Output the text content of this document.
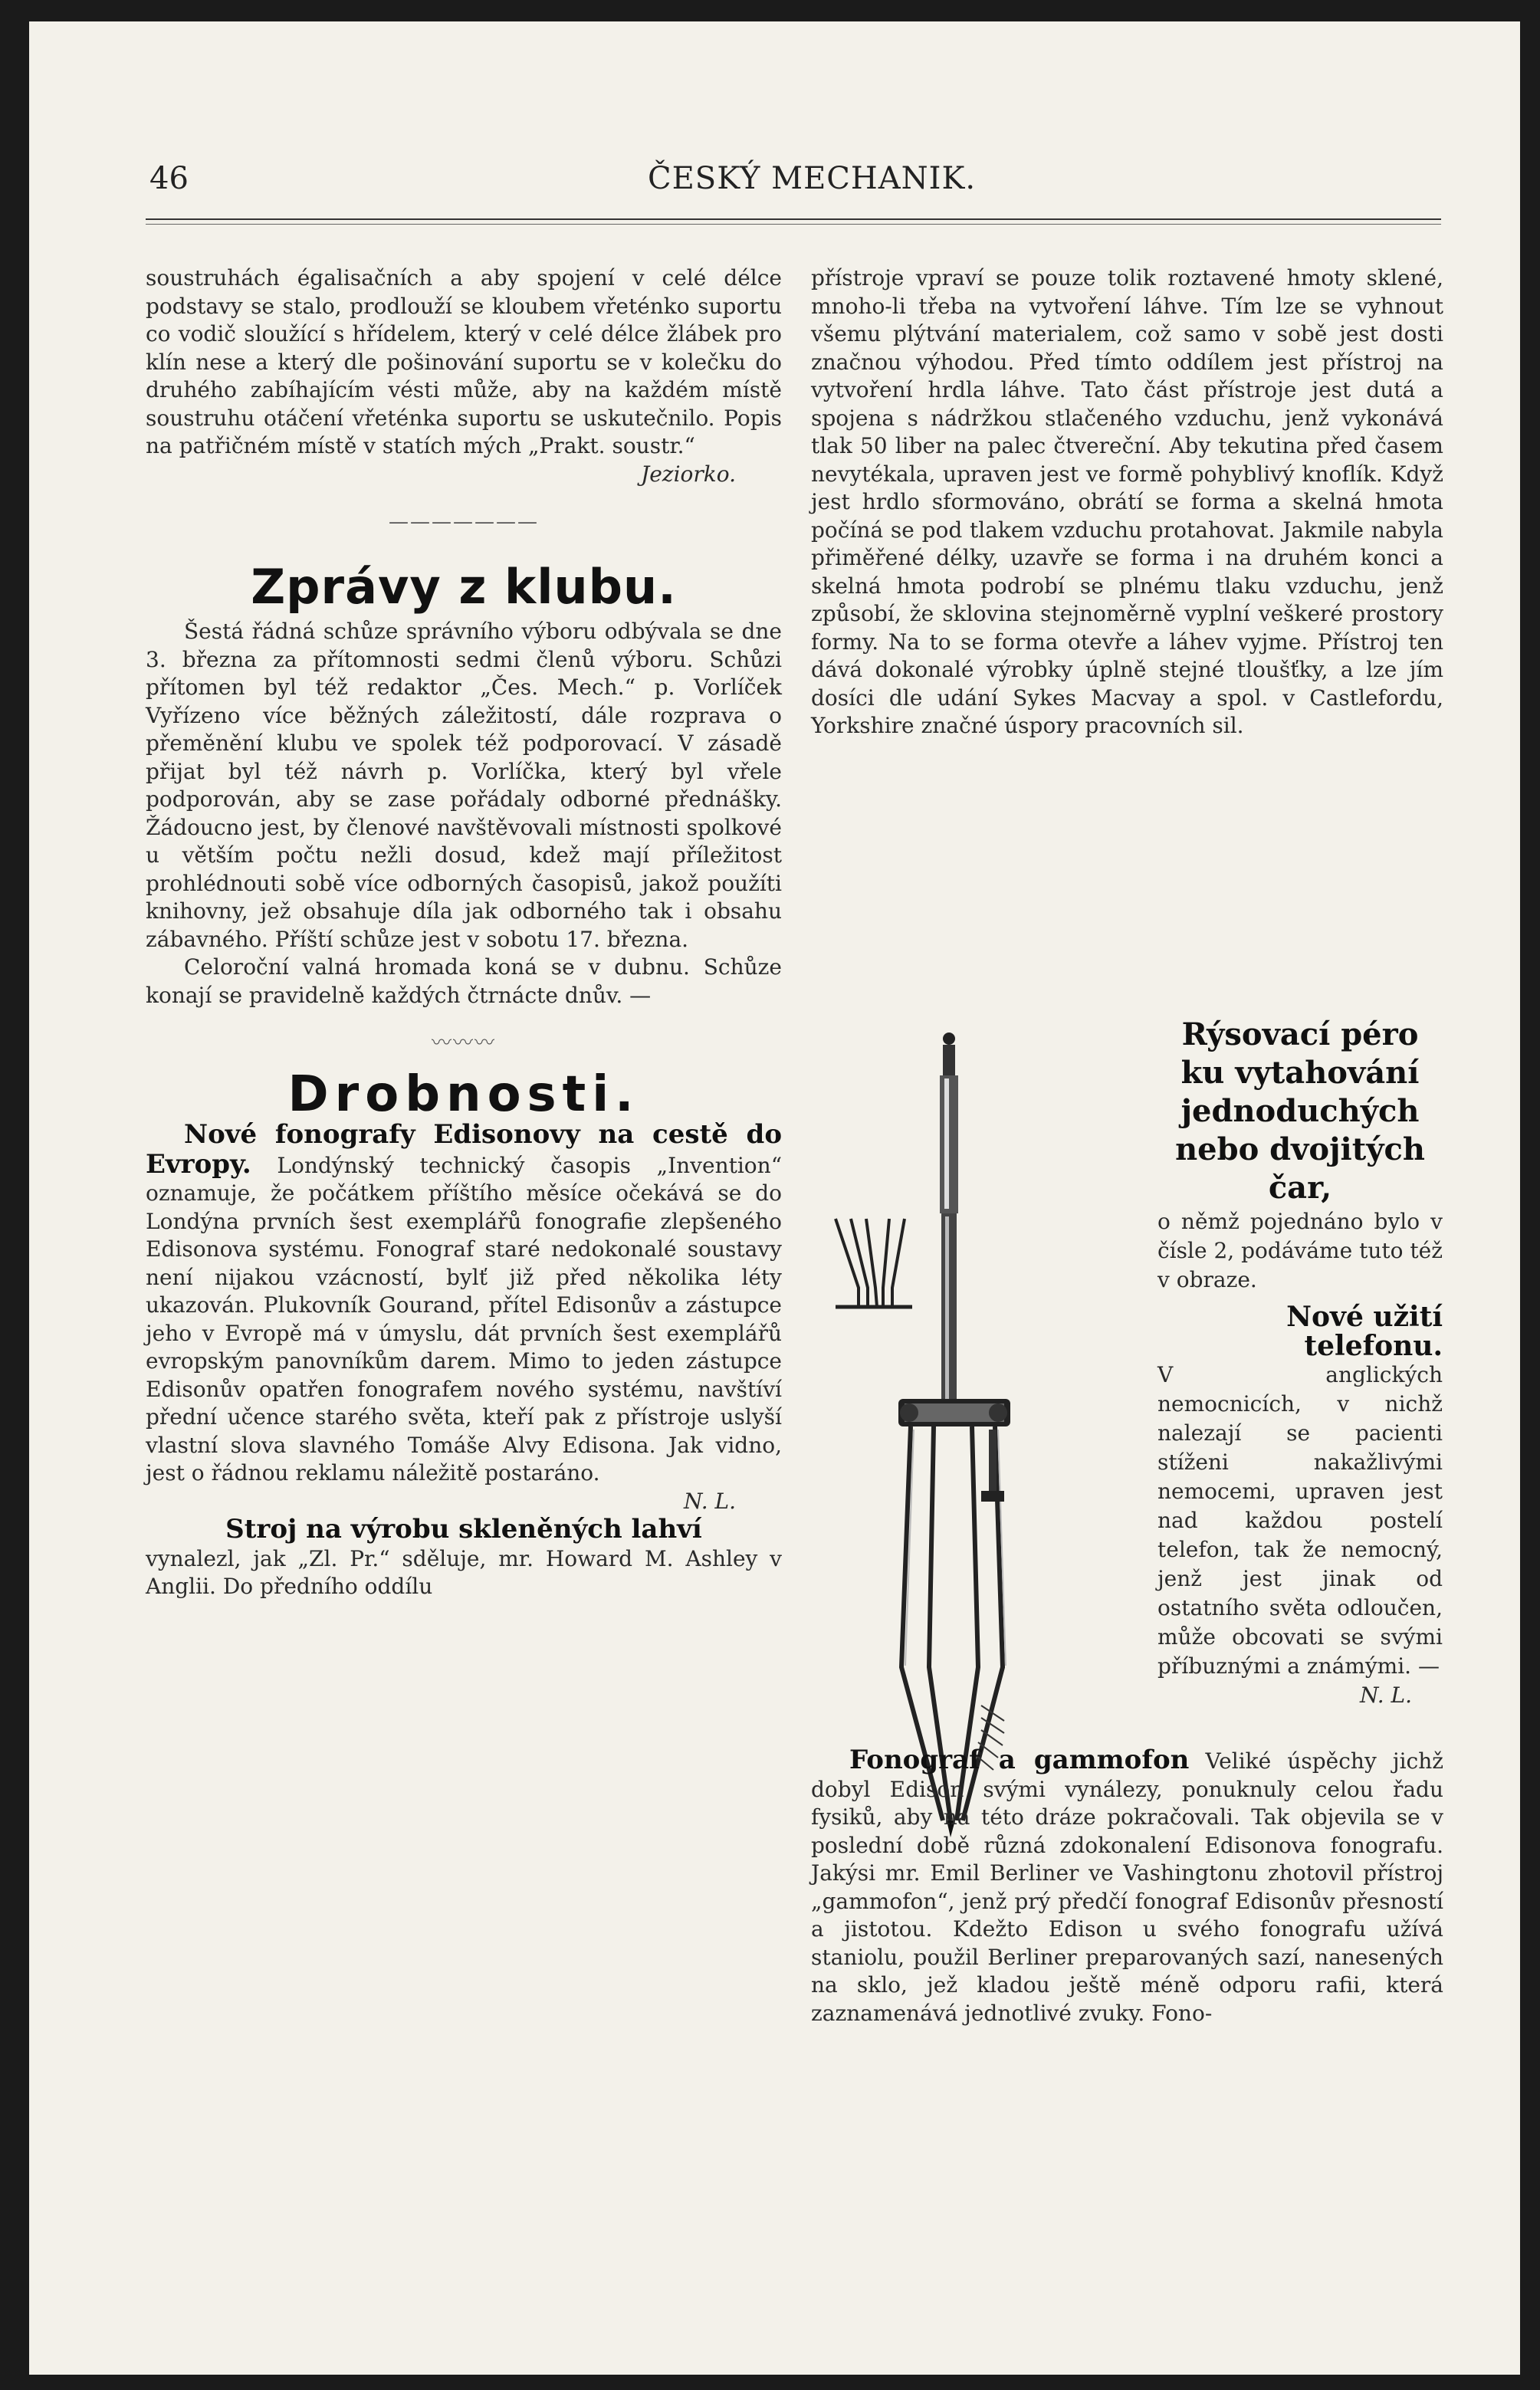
46	ČESKÝ MECHANIK.

soustruhách égalisačních a aby spojení v celé délce podstavy se stalo, prodlouží se kloubem vřeténko suportu co vodič sloužící s hřídelem, který v celé délce žlábek pro klín nese a který dle pošinování suportu se v kolečku do druhého zabíhajícím vésti může, aby na každém místě soustruhu otáčení vřeténka suportu se uskutečnilo. Popis na patřičném místě v statích mých „Prakt. soustr.“

Jeziorko.

———————
Zprávy z klubu.

Šestá řádná schůze správního výboru odbývala se dne 3. března za přítomnosti sedmi členů výboru. Schůzi přítomen byl též redaktor „Čes. Mech.“ p. Vorlíček Vyřízeno více běžných záležitostí, dále rozprava o přeměnění klubu ve spolek též podporovací. V zásadě přijat byl též návrh p. Vorlíčka, který byl vřele podporován, aby se zase pořádaly odborné přednášky. Žádoucno jest, by členové navštěvovali místnosti spolkové u větším počtu nežli dosud, kdež mají příležitost prohlédnouti sobě více odborných časopisů, jakož použíti knihovny, jež obsahuje díla jak odborného tak i obsahu zábavného. Příští schůze jest v sobotu 17. března.

Celoroční valná hromada koná se v dubnu. Schůze konají se pravidelně každých čtrnácte dnův. —

〰〰〰
Drobnosti.

Nové fonografy Edisonovy na cestě do Evropy. Londýnský technický časopis „Invention“ oznamuje, že počátkem příštího měsíce očekává se do Londýna prvních šest exemplářů fonografie zlepšeného Edisonova systému. Fonograf staré nedokonalé soustavy není nijakou vzácností, bylť již před několika léty ukazován. Plukovník Gourand, přítel Edisonův a zástupce jeho v Evropě má v úmyslu, dát prvních šest exemplářů evropským panovníkům darem. Mimo to jeden zástupce Edisonův opatřen fonografem nového systému, navštíví přední učence starého světa, kteří pak z přístroje uslyší vlastní slova slavného Tomáše Alvy Edisona. Jak vidno, jest o řádnou reklamu náležitě postaráno.

N. L.

Stroj na výrobu skleněných lahví

vynalezl, jak „Zl. Pr.“ sděluje, mr. Howard M. Ashley v Anglii. Do předního oddílu

přístroje vpraví se pouze tolik roztavené hmoty sklené, mnoho-li třeba na vytvoření láhve. Tím lze se vyhnout všemu plýtvání materialem, což samo v sobě jest dosti značnou výhodou. Před tímto oddílem jest přístroj na vytvoření hrdla láhve. Tato část přístroje jest dutá a spojena s nádržkou stlačeného vzduchu, jenž vykonává tlak 50 liber na palec čtvereční. Aby tekutina před časem nevytékala, upraven jest ve formě pohyblivý knoflík. Když jest hrdlo sformováno, obrátí se forma a skelná hmota počíná se pod tlakem vzduchu protahovat. Jakmile nabyla přiměřené délky, uzavře se forma i na druhém konci a skelná hmota podrobí se plnému tlaku vzduchu, jenž způsobí, že sklovina stejnoměrně vyplní veškeré prostory formy. Na to se forma otevře a láhev vyjme. Přístroj ten dává dokonalé výrobky úplně stejné tloušťky, a lze jím dosíci dle udání Sykes Macvay a spol. v Castlefordu, Yorkshire značné úspory pracovních sil.

Rýsovací péro ku vytahování jednoduchých nebo dvojitých čar,
o němž pojednáno bylo v čísle 2, podáváme tuto též v obraze.
Nové užití telefonu.
V anglických nemocnicích, v nichž nalezají se pacienti stíženi nakažlivými nemocemi, upraven jest nad každou postelí telefon, tak že nemocný, jenž jest jinak od ostatního světa odloučen, může obcovati se svými příbuznými a známými. —
N. L.

Fonograf a gammofon Veliké úspěchy jichž dobyl Edison svými vynálezy, ponuknuly celou řadu fysiků, aby na této dráze pokračovali. Tak objevila se v poslední době různá zdokonalení Edisonova fonografu. Jakýsi mr. Emil Berliner ve Vashingtonu zhotovil přístroj „gammofon“, jenž prý předčí fonograf Edisonův přesností a jistotou. Kdežto Edison u svého fonografu užívá staniolu, použil Berliner preparovaných sazí, nanesených na sklo, jež kladou ještě méně odporu rafii, která zaznamenává jednotlivé zvuky. Fono-
